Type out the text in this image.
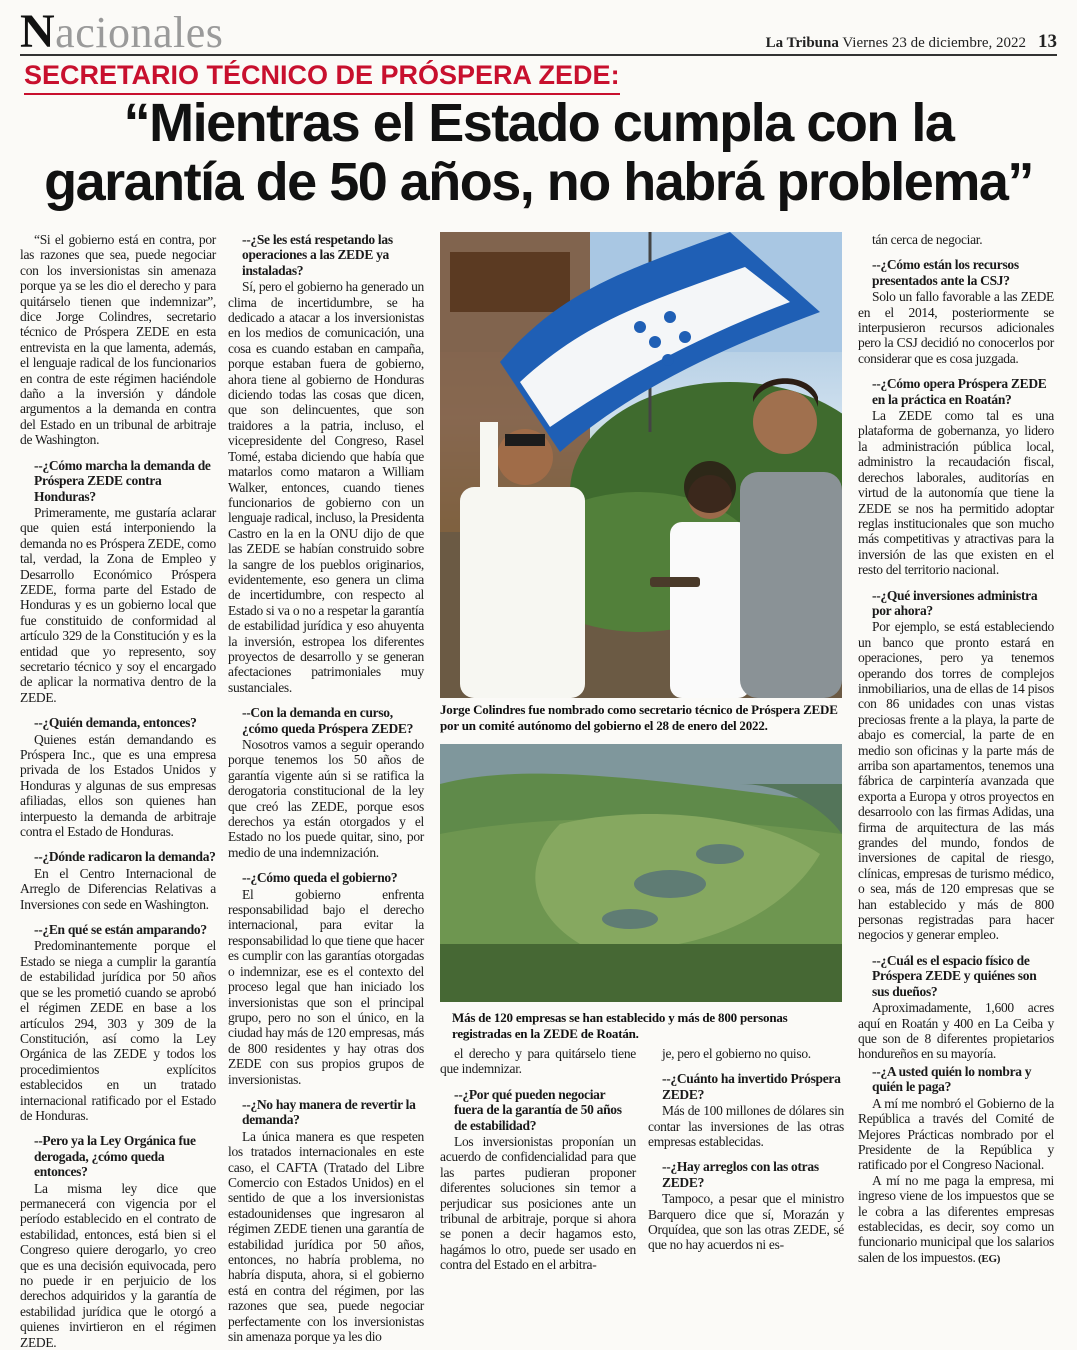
Nacionales	La Tribuna Viernes 23 de diciembre, 2022 13
SECRETARIO TÉCNICO DE PRÓSPERA ZEDE:
“Mientras el Estado cumpla con la garantía de 50 años, no habrá problema”

“Si el gobierno está en contra, por las razones que sea, puede negociar con los inversionistas sin amenaza porque ya se les dio el derecho y para quitárselo tienen que indemnizar”, dice Jorge Colindres, secretario técnico de Próspera ZEDE en esta entrevista en la que lamenta, además, el lenguaje radical de los funcionarios en contra de este régimen haciéndole daño a la inversión y dándole argumentos a la demanda en contra del Estado en un tribunal de arbitraje de Washington.

--¿Cómo marcha la demanda de Próspera ZEDE contra Honduras?

Primeramente, me gustaría aclarar que quien está interponiendo la demanda no es Próspera ZEDE, como tal, verdad, la Zona de Empleo y Desarrollo Económico Próspera ZEDE, forma parte del Estado de Honduras y es un gobierno local que fue constituido de conformidad al artículo 329 de la Constitución y es la entidad que yo represento, soy secretario técnico y soy el encargado de aplicar la normativa dentro de la ZEDE.

--¿Quién demanda, entonces?

Quienes están demandando es Próspera Inc., que es una empresa privada de los Estados Unidos y Honduras y algunas de sus empresas afiliadas, ellos son quienes han interpuesto la demanda de arbitraje contra el Estado de Honduras.

--¿Dónde radicaron la demanda?

En el Centro Internacional de Arreglo de Diferencias Relativas a Inversiones con sede en Washington.

--¿En qué se están amparando?

Predominantemente porque el Estado se niega a cumplir la garantía de estabilidad jurídica por 50 años que se les prometió cuando se aprobó el régimen ZEDE en base a los artículos 294, 303 y 309 de la Constitución, así como la Ley Orgánica de las ZEDE y todos los procedimientos explícitos establecidos en un tratado internacional ratificado por el Estado de Honduras.

--Pero ya la Ley Orgánica fue derogada, ¿cómo queda entonces?

La misma ley dice que permanecerá con vigencia por el período establecido en el contrato de estabilidad, entonces, está bien si el Congreso quiere derogarlo, yo creo que es una decisión equivocada, pero no puede ir en perjuicio de los derechos adquiridos y la garantía de estabilidad jurídica que le otorgó a quienes invirtieron en el régimen ZEDE.

--¿Se les está respetando las operaciones a las ZEDE ya instaladas?

Sí, pero el gobierno ha generado un clima de incertidumbre, se ha dedicado a atacar a los inversionistas en los medios de comunicación, una cosa es cuando estaban en campaña, porque estaban fuera de gobierno, ahora tiene al gobierno de Honduras diciendo todas las cosas que dicen, que son delincuentes, que son traidores a la patria, incluso, el vicepresidente del Congreso, Rasel Tomé, estaba diciendo que había que matarlos como mataron a William Walker, entonces, cuando tienes funcionarios de gobierno con un lenguaje radical, incluso, la Presidenta Castro en la en la ONU dijo de que las ZEDE se habían construido sobre la sangre de los pueblos originarios, evidentemente, eso genera un clima de incertidumbre, con respecto al Estado si va o no a respetar la garantía de estabilidad jurídica y eso ahuyenta la inversión, estropea los diferentes proyectos de desarrollo y se generan afectaciones patrimoniales muy sustanciales.

--Con la demanda en curso, ¿cómo queda Próspera ZEDE?

Nosotros vamos a seguir operando porque tenemos los 50 años de garantía vigente aún si se ratifica la derogatoria constitucional de la ley que creó las ZEDE, porque esos derechos ya están otorgados y el Estado no los puede quitar, sino, por medio de una indemnización.

--¿Cómo queda el gobierno?

El gobierno enfrenta responsabilidad bajo el derecho internacional, para evitar la responsabilidad lo que tiene que hacer es cumplir con las garantías otorgadas o indemnizar, ese es el contexto del proceso legal que han iniciado los inversionistas que son el principal grupo, pero no son el único, en la ciudad hay más de 120 empresas, más de 800 residentes y hay otras dos ZEDE con sus propios grupos de inversionistas.

--¿No hay manera de revertir la demanda?

La única manera es que respeten los tratados internacionales en este caso, el CAFTA (Tratado del Libre Comercio con Estados Unidos) en el sentido de que a los inversionistas estadounidenses que ingresaron al régimen ZEDE tienen una garantía de estabilidad jurídica por 50 años, entonces, no habría problema, no habría disputa, ahora, si el gobierno está en contra del régimen, por las razones que sea, puede negociar perfectamente con los inversionistas sin amenaza porque ya les dio

Jorge Colindres fue nombrado como secretario técnico de Próspera ZEDE por un comité autónomo del gobierno el 28 de enero del 2022.
Más de 120 empresas se han establecido y más de 800 personas registradas en la ZEDE de Roatán.

el derecho y para quitárselo tiene que indemnizar.

--¿Por qué pueden negociar fuera de la garantía de 50 años de estabilidad?

Los inversionistas proponían un acuerdo de confidencialidad para que las partes pudieran proponer diferentes soluciones sin temor a perjudicar sus posiciones ante un tribunal de arbitraje, porque si ahora se ponen a decir hagamos esto, hagámos lo otro, puede ser usado en contra del Estado en el arbitra-

je, pero el gobierno no quiso.

--¿Cuánto ha invertido Próspera ZEDE?

Más de 100 millones de dólares sin contar las inversiones de las otras empresas establecidas.

--¿Hay arreglos con las otras ZEDE?

Tampoco, a pesar que el ministro Barquero dice que sí, Morazán y Orquídea, que son las otras ZEDE, sé que no hay acuerdos ni es-

tán cerca de negociar.

--¿Cómo están los recursos presentados ante la CSJ?

Solo un fallo favorable a las ZEDE en el 2014, posteriormente se interpusieron recursos adicionales pero la CSJ decidió no conocerlos por considerar que es cosa juzgada.

--¿Cómo opera Próspera ZEDE en la práctica en Roatán?

La ZEDE como tal es una plataforma de gobernanza, yo lidero la administración pública local, administro la recaudación fiscal, derechos laborales, auditorías en virtud de la autonomía que tiene la ZEDE se nos ha permitido adoptar reglas institucionales que son mucho más competitivas y atractivas para la inversión de las que existen en el resto del territorio nacional.

--¿Qué inversiones administra por ahora?

Por ejemplo, se está estableciendo un banco que pronto estará en operaciones, pero ya tenemos operando dos torres de complejos inmobiliarios, una de ellas de 14 pisos con 86 unidades con unas vistas preciosas frente a la playa, la parte de abajo es comercial, la parte de en medio son oficinas y la parte más de arriba son apartamentos, tenemos una fábrica de carpintería avanzada que exporta a Europa y otros proyectos en desarroolo con las firmas Adidas, una firma de arquitectura de las más grandes del mundo, fondos de inversiones de capital de riesgo, clínicas, empresas de turismo médico, o sea, más de 120 empresas que se han establecido y más de 800 personas registradas para hacer negocios y generar empleo.

--¿Cuál es el espacio físico de Próspera ZEDE y quiénes son sus dueños?

Aproximadamente, 1,600 acres aquí en Roatán y 400 en La Ceiba y que son de 8 diferentes propietarios hondureños en su mayoría.

--¿A usted quién lo nombra y quién le paga?

A mí me nombró el Gobierno de la República a través del Comité de Mejores Prácticas nombrado por el Presidente de la República y ratificado por el Congreso Nacional.

A mí no me paga la empresa, mi ingreso viene de los impuestos que se le cobra a las diferentes empresas establecidas, es decir, soy como un funcionario municipal que los salarios salen de los impuestos. (EG)
